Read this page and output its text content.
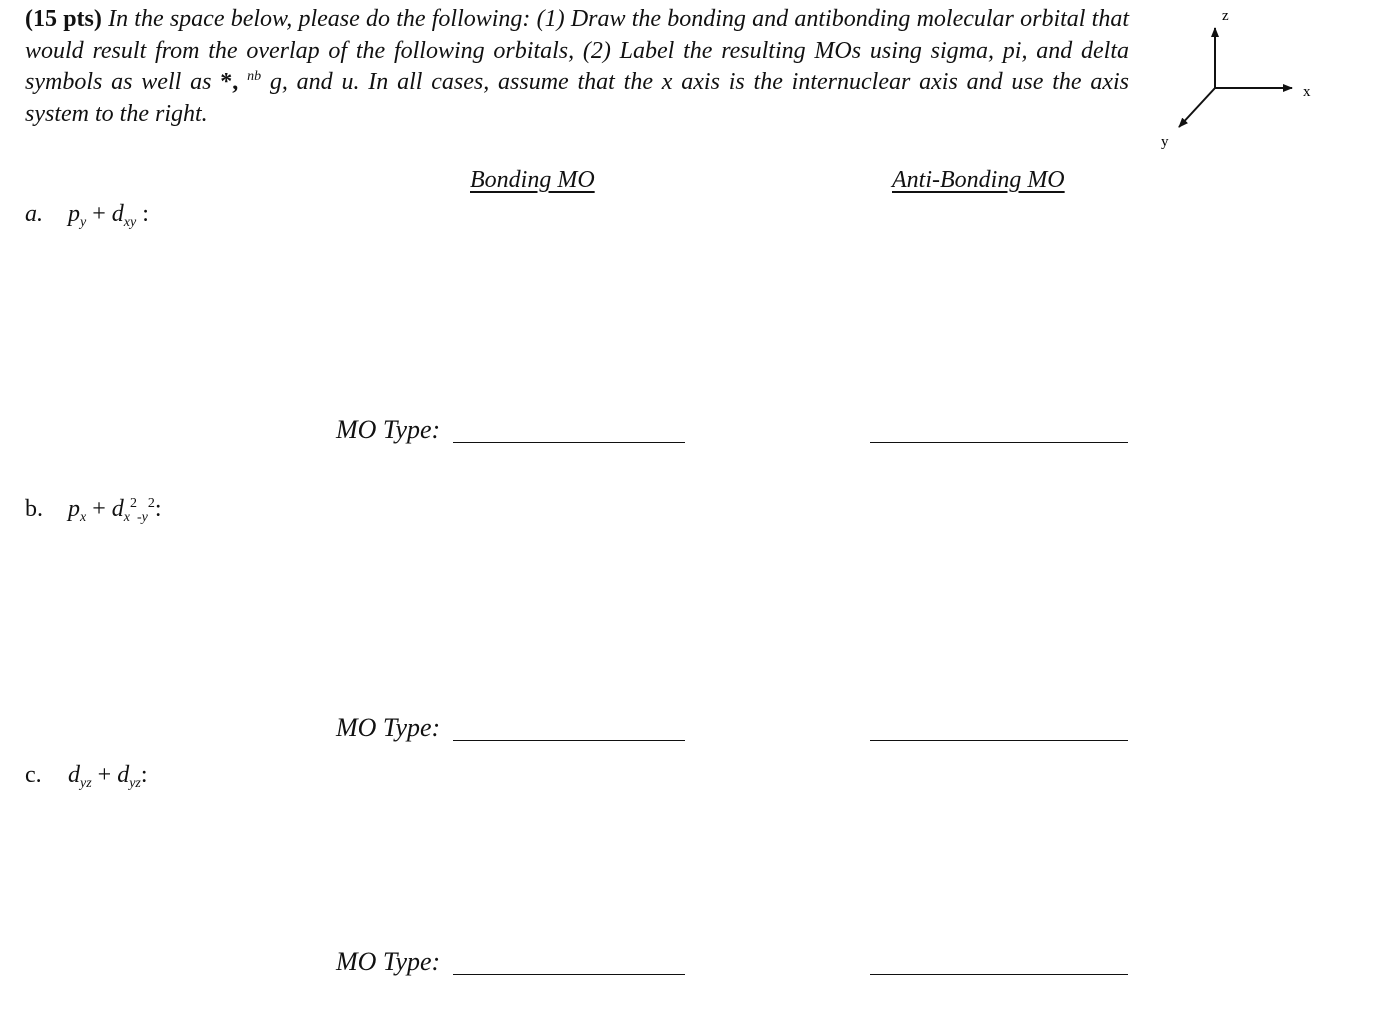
(15 pts) In the space below, please do the following: (1) Draw the bonding and antibonding molecular orbital that would result from the overlap of the following orbitals, (2) Label the resulting MOs using sigma, pi, and delta symbols as well as *, $^{nb}$ g, and u. In all cases, assume that the x axis is the internuclear axis and use the axis system to the right.
z
x
y
Bonding MO	Anti-Bonding MO
a. $p_y + d_{xy}$ :
MO Type:
b. $p_x + d_x^2_{-y}^2$:
MO Type:
c. $d_{yz} + d_{yz}$:
MO Type:
